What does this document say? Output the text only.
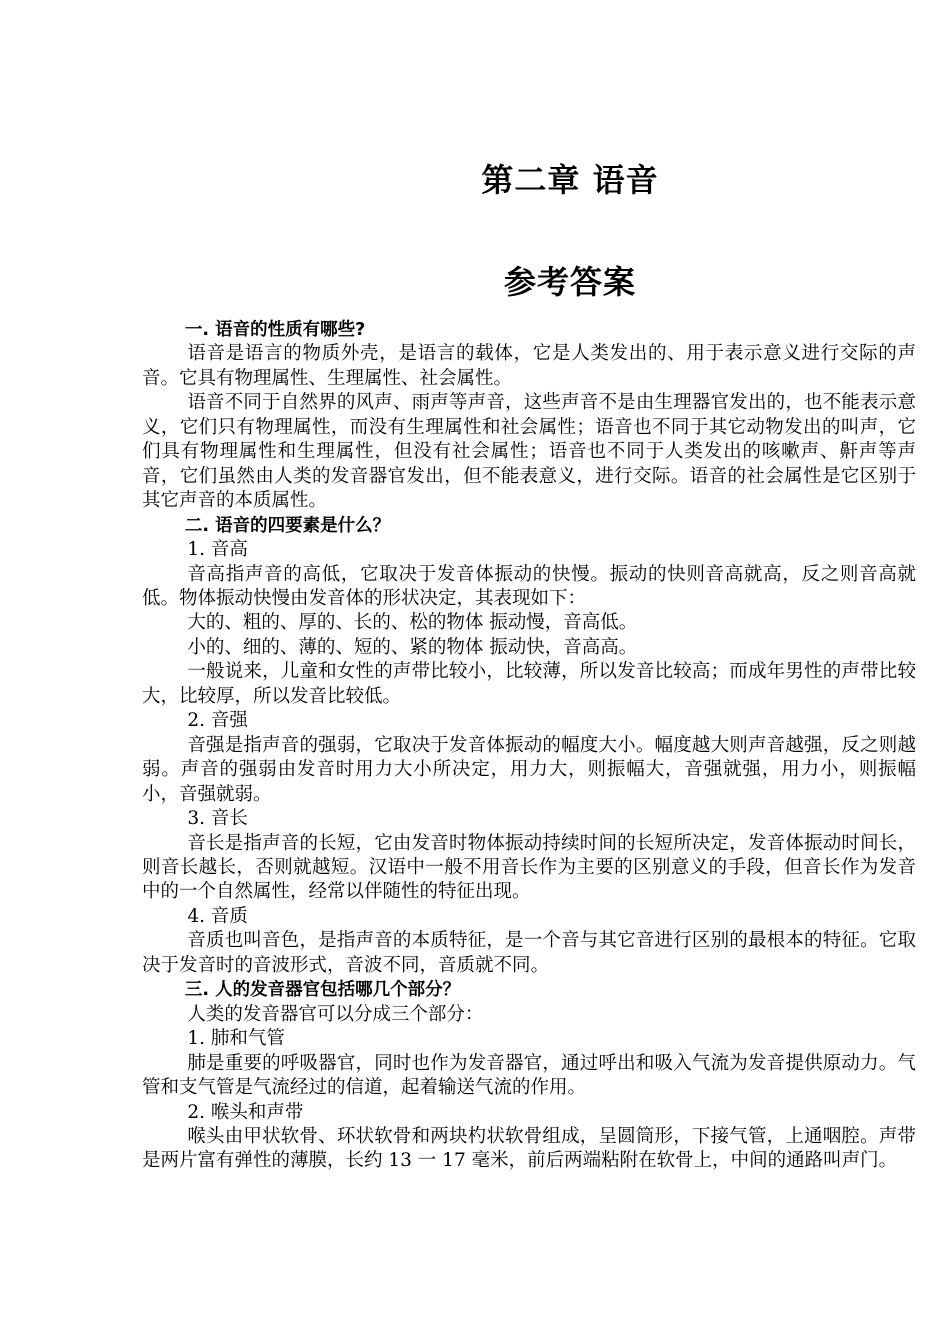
第二章 语音
参考答案

一. 语音的性质有哪些?

语音是语言的物质外壳，是语言的载体，它是人类发出的、用于表示意义进行交际的声音。它具有物理属性、生理属性、社会属性。

语音不同于自然界的风声、雨声等声音，这些声音不是由生理器官发出的，也不能表示意义，它们只有物理属性，而没有生理属性和社会属性；语音也不同于其它动物发出的叫声，它们具有物理属性和生理属性，但没有社会属性；语音也不同于人类发出的咳嗽声、鼾声等声音，它们虽然由人类的发音器官发出，但不能表意义，进行交际。语音的社会属性是它区别于其它声音的本质属性。

二. 语音的四要素是什么？

1. 音高

音高指声音的高低，它取决于发音体振动的快慢。振动的快则音高就高，反之则音高就低。物体振动快慢由发音体的形状决定，其表现如下：

大的、粗的、厚的、长的、松的物体 振动慢，音高低。

小的、细的、薄的、短的、紧的物体 振动快，音高高。

一般说来，儿童和女性的声带比较小，比较薄，所以发音比较高；而成年男性的声带比较大，比较厚，所以发音比较低。

2. 音强

音强是指声音的强弱，它取决于发音体振动的幅度大小。幅度越大则声音越强，反之则越弱。声音的强弱由发音时用力大小所决定，用力大，则振幅大，音强就强，用力小，则振幅小，音强就弱。

3. 音长

音长是指声音的长短，它由发音时物体振动持续时间的长短所决定，发音体振动时间长，则音长越长，否则就越短。汉语中一般不用音长作为主要的区别意义的手段，但音长作为发音中的一个自然属性，经常以伴随性的特征出现。

4. 音质

音质也叫音色，是指声音的本质特征，是一个音与其它音进行区别的最根本的特征。它取决于发音时的音波形式，音波不同，音质就不同。

三. 人的发音器官包括哪几个部分？

人类的发音器官可以分成三个部分：

1. 肺和气管

肺是重要的呼吸器官，同时也作为发音器官，通过呼出和吸入气流为发音提供原动力。气管和支气管是气流经过的信道，起着输送气流的作用。

2. 喉头和声带

喉头由甲状软骨、环状软骨和两块杓状软骨组成，呈圆筒形，下接气管，上通咽腔。声带是两片富有弹性的薄膜，长约 13 一 17 毫米，前后两端粘附在软骨上，中间的通路叫声门。
